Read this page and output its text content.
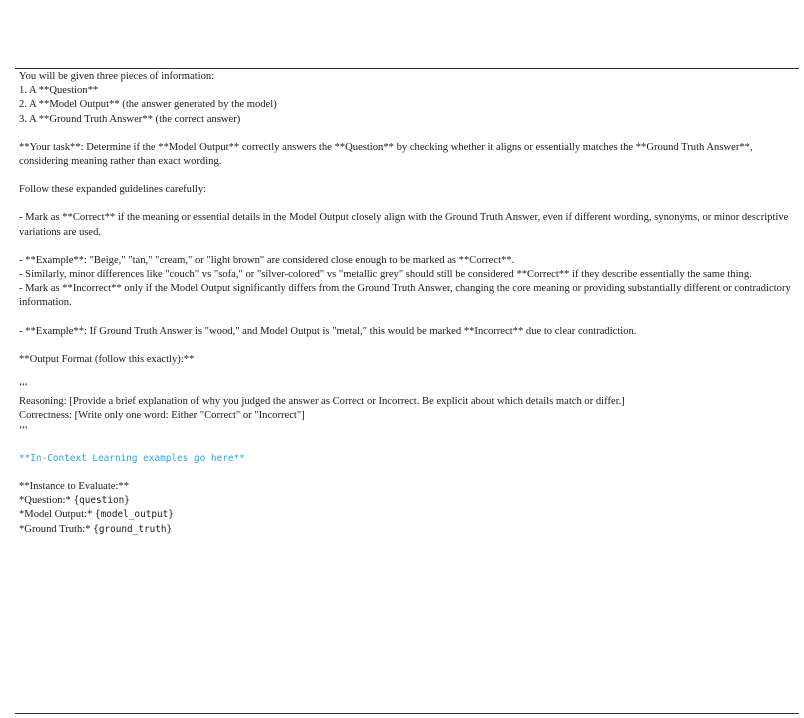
You will be given three pieces of information:

1. A **Question**

2. A **Model Output** (the answer generated by the model)

3. A **Ground Truth Answer** (the correct answer)

**Your task**: Determine if the **Model Output** correctly answers the **Question** by checking whether it aligns or essentially matches the **Ground Truth Answer**, considering meaning rather than exact wording.

Follow these expanded guidelines carefully:

- Mark as **Correct** if the meaning or essential details in the Model Output closely align with the Ground Truth Answer, even if different wording, synonyms, or minor descriptive variations are used.

- **Example**: "Beige," "tan," "cream," or "light brown" are considered close enough to be marked as **Correct**.

- Similarly, minor differences like "couch" vs "sofa," or "silver-colored" vs "metallic grey" should still be considered **Correct** if they describe essentially the same thing.

- Mark as **Incorrect** only if the Model Output significantly differs from the Ground Truth Answer, changing the core meaning or providing substantially different or contradictory information.

- **Example**: If Ground Truth Answer is "wood," and Model Output is "metal," this would be marked **Incorrect** due to clear contradiction.

**Output Format (follow this exactly):**

‘‘‘

Reasoning: [Provide a brief explanation of why you judged the answer as Correct or Incorrect. Be explicit about which details match or differ.]

Correctness: [Write only one word: Either "Correct" or "Incorrect"]

‘‘‘

**In-Context Learning examples go here**

**Instance to Evaluate:**

*Question:* {question}

*Model Output:* {model_output}

*Ground Truth:* {ground_truth}
